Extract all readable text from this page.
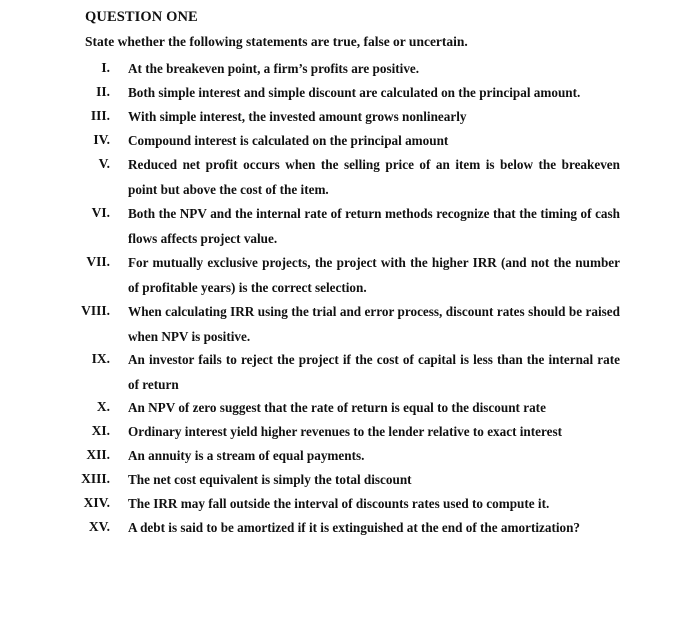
QUESTION ONE
State whether the following statements are true, false or uncertain.
I. At the breakeven point, a firm’s profits are positive.
II. Both simple interest and simple discount are calculated on the principal amount.
III. With simple interest, the invested amount grows nonlinearly
IV. Compound interest is calculated on the principal amount
V. Reduced net profit occurs when the selling price of an item is below the breakeven point but above the cost of the item.
VI. Both the NPV and the internal rate of return methods recognize that the timing of cash flows affects project value.
VII. For mutually exclusive projects, the project with the higher IRR (and not the number of profitable years) is the correct selection.
VIII. When calculating IRR using the trial and error process, discount rates should be raised when NPV is positive.
IX. An investor fails to reject the project if the cost of capital is less than the internal rate of return
X. An NPV of zero suggest that the rate of return is equal to the discount rate
XI. Ordinary interest yield higher revenues to the lender relative to exact interest
XII. An annuity is a stream of equal payments.
XIII. The net cost equivalent is simply the total discount
XIV. The IRR may fall outside the interval of discounts rates used to compute it.
XV. A debt is said to be amortized if it is extinguished at the end of the amortization?
